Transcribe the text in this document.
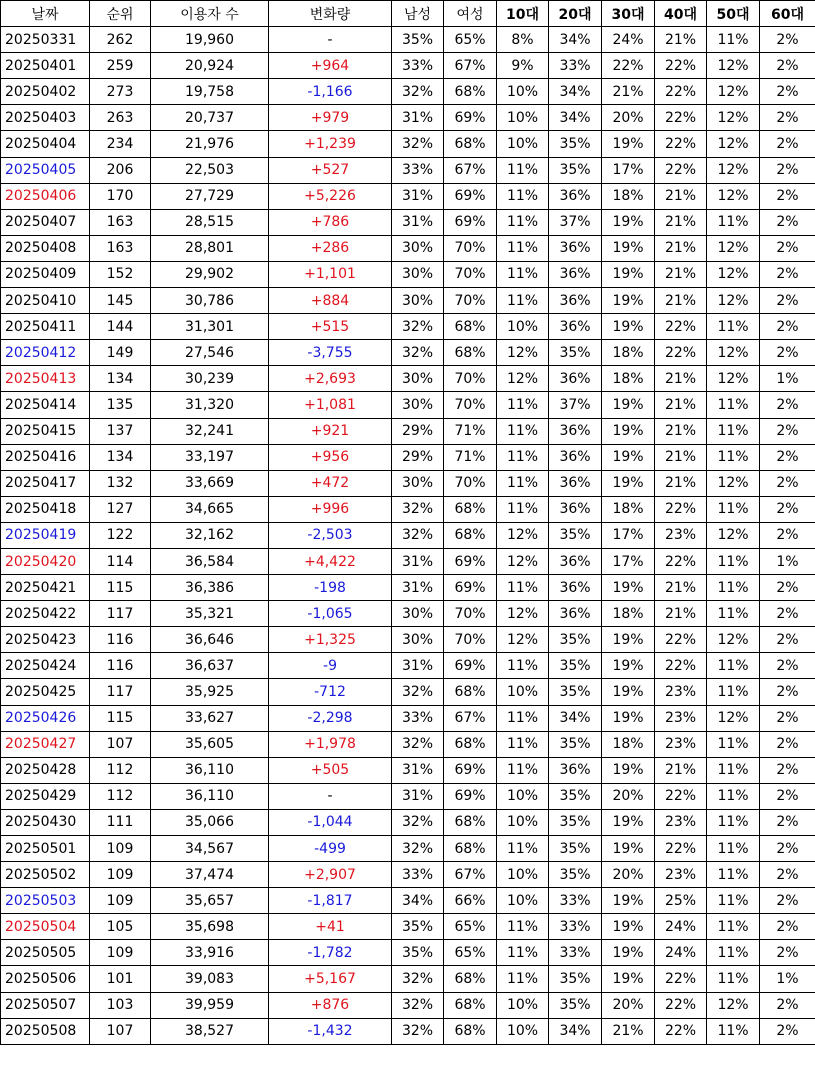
날짜	순위	이용자 수	변화량	남성	여성	10대	20대	30대	40대	50대	60대
20250331	262	19,960	-	35%	65%	8%	34%	24%	21%	11%	2%
20250401	259	20,924	+964	33%	67%	9%	33%	22%	22%	12%	2%
20250402	273	19,758	-1,166	32%	68%	10%	34%	21%	22%	12%	2%
20250403	263	20,737	+979	31%	69%	10%	34%	20%	22%	12%	2%
20250404	234	21,976	+1,239	32%	68%	10%	35%	19%	22%	12%	2%
20250405	206	22,503	+527	33%	67%	11%	35%	17%	22%	12%	2%
20250406	170	27,729	+5,226	31%	69%	11%	36%	18%	21%	12%	2%
20250407	163	28,515	+786	31%	69%	11%	37%	19%	21%	11%	2%
20250408	163	28,801	+286	30%	70%	11%	36%	19%	21%	12%	2%
20250409	152	29,902	+1,101	30%	70%	11%	36%	19%	21%	12%	2%
20250410	145	30,786	+884	30%	70%	11%	36%	19%	21%	12%	2%
20250411	144	31,301	+515	32%	68%	10%	36%	19%	22%	11%	2%
20250412	149	27,546	-3,755	32%	68%	12%	35%	18%	22%	12%	2%
20250413	134	30,239	+2,693	30%	70%	12%	36%	18%	21%	12%	1%
20250414	135	31,320	+1,081	30%	70%	11%	37%	19%	21%	11%	2%
20250415	137	32,241	+921	29%	71%	11%	36%	19%	21%	11%	2%
20250416	134	33,197	+956	29%	71%	11%	36%	19%	21%	11%	2%
20250417	132	33,669	+472	30%	70%	11%	36%	19%	21%	12%	2%
20250418	127	34,665	+996	32%	68%	11%	36%	18%	22%	11%	2%
20250419	122	32,162	-2,503	32%	68%	12%	35%	17%	23%	12%	2%
20250420	114	36,584	+4,422	31%	69%	12%	36%	17%	22%	11%	1%
20250421	115	36,386	-198	31%	69%	11%	36%	19%	21%	11%	2%
20250422	117	35,321	-1,065	30%	70%	12%	36%	18%	21%	11%	2%
20250423	116	36,646	+1,325	30%	70%	12%	35%	19%	22%	12%	2%
20250424	116	36,637	-9	31%	69%	11%	35%	19%	22%	11%	2%
20250425	117	35,925	-712	32%	68%	10%	35%	19%	23%	11%	2%
20250426	115	33,627	-2,298	33%	67%	11%	34%	19%	23%	12%	2%
20250427	107	35,605	+1,978	32%	68%	11%	35%	18%	23%	11%	2%
20250428	112	36,110	+505	31%	69%	11%	36%	19%	21%	11%	2%
20250429	112	36,110	-	31%	69%	10%	35%	20%	22%	11%	2%
20250430	111	35,066	-1,044	32%	68%	10%	35%	19%	23%	11%	2%
20250501	109	34,567	-499	32%	68%	11%	35%	19%	22%	11%	2%
20250502	109	37,474	+2,907	33%	67%	10%	35%	20%	23%	11%	2%
20250503	109	35,657	-1,817	34%	66%	10%	33%	19%	25%	11%	2%
20250504	105	35,698	+41	35%	65%	11%	33%	19%	24%	11%	2%
20250505	109	33,916	-1,782	35%	65%	11%	33%	19%	24%	11%	2%
20250506	101	39,083	+5,167	32%	68%	11%	35%	19%	22%	11%	1%
20250507	103	39,959	+876	32%	68%	10%	35%	20%	22%	12%	2%
20250508	107	38,527	-1,432	32%	68%	10%	34%	21%	22%	11%	2%
